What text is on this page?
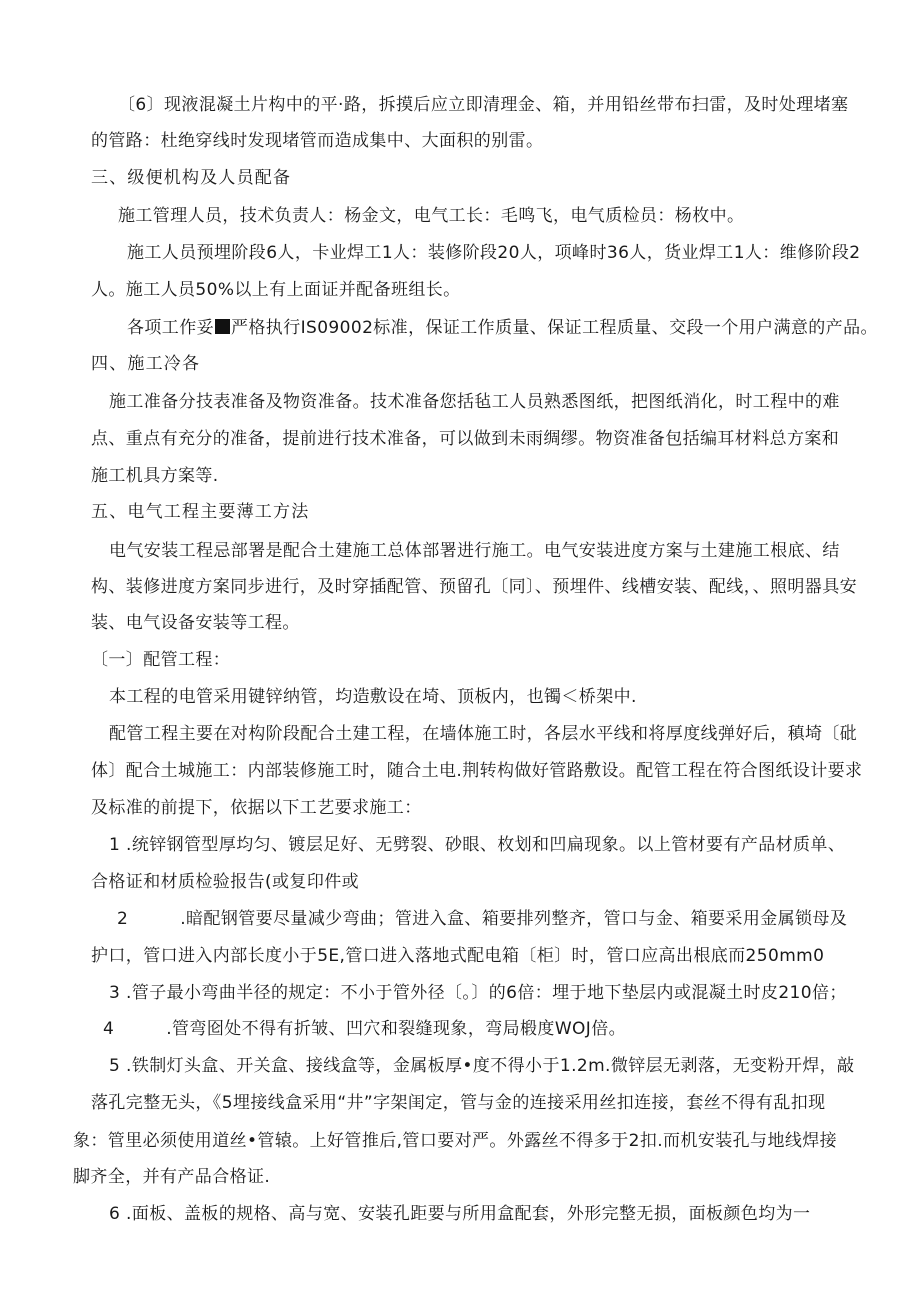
〔6〕现液混凝土片构中的平·路，拆摸后应立即清理金、箱，并用铅丝带布扫雷，及时处理堵塞

的管路：杜绝穿线时发现堵管而造成集中、大面积的别雷。

三、级便机构及人员配备

施工管理人员，技术负责人：杨金文，电气工长：毛鸣飞，电气质检员：杨枚中。

施工人员预埋阶段6人，卡业焊工1人：装修阶段20人，项峰时36人，货业焊工1人：维修阶段2

人。施工人员50%以上有上面证并配备班组长。

各项工作妥 严格执行IS09002标准，保证工作质量、保证工程质量、交段一个用户满意的产品。

四、施工冷各

施工准备分技表准备及物资准备。技术准备您括毡工人员熟悉图纸，把图纸消化，时工程中的难

点、重点有充分的准备，提前进行技术准备，可以做到未雨绸缪。物资准备包括编耳材料总方案和

施工机具方案等.

五、电气工程主要薄工方法

电气安装工程忌部署是配合土建施工总体部署进行施工。电气安装进度方案与土建施工根底、结

构、装修进度方案同步进行，及时穿插配管、预留孔〔同〕、预埋件、线槽安装、配线，、照明器具安

装、电气设备安装等工程。

〔一〕配管工程：

本工程的电管采用键锌纳管，均造敷设在埼、顶板内，也镯＜桥架中.

配管工程主要在对构阶段配合土建工程，在墙体施工时，各层水平线和将厚度线弹好后，稹埼〔砒

体〕配合土城施工：内部装修施工时，随合土电.荆转构做好管路敷设。配管工程在符合图纸设计要求

及标准的前提下，依据以下工艺要求施工：

1 .统锌钢管型厚均匀、镀层足好、无劈裂、砂眼、枚划和凹扁现象。以上管材要有产品材质单、

合格证和材质检验报告(或复印件或

2	.暗配钢管要尽量减少弯曲；管进入盒、箱要排列整齐，管口与金、箱要采用金属锁母及

护口，管口进入内部长度小于5E,管口进入落地式配电箱〔柜〕时，管口应高出根底而250mm0

3 .管子最小弯曲半径的规定：不小于管外径〔。〕的6倍：埋于地下垫层内或混凝土时皮210倍；

4	.管弯囵处不得有折皱、凹穴和裂缝现象，弯局椴度WOJ倍。

5 .铁制灯头盒、开关盒、接线盒等，金属板厚•度不得小于1.2m.微锌层无剥落，无变粉开焊，敲

落孔完整无头，《5埋接线盒采用“井”字架闺定，管与金的连接采用丝扣连接，套丝不得有乱扣现

象：管里必须使用道丝•管辕。上好管推后,管口要对严。外露丝不得多于2扣.而机安装孔与地线焊接

脚齐全，并有产品合格证.

6 .面板、盖板的规格、高与宽、安装孔距要与所用盒配套，外形完整无损，面板颜色均为一
